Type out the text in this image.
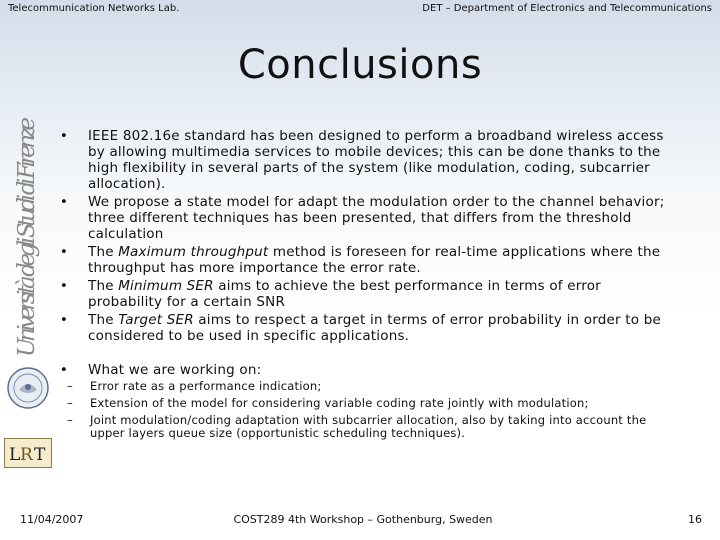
Telecommunication Networks Lab.	DET – Department of Electronics and Telecommunications
Conclusions
Università degli Studi di Firenze
L R T
• IEEE 802.16e standard has been designed to perform a broadband wireless access by allowing multimedia services to mobile devices; this can be done thanks to the high flexibility in several parts of the system (like modulation, coding, subcarrier allocation).
• We propose a state model for adapt the modulation order to the channel behavior; three different techniques has been presented, that differs from the threshold calculation
• The Maximum throughput method is foreseen for real-time applications where the throughput has more importance the error rate.
• The Minimum SER aims to achieve the best performance in terms of error probability for a certain SNR
• The Target SER aims to respect a target in terms of error probability in order to be considered to be used in specific applications.
• What we are working on:
– Error rate as a performance indication;
– Extension of the model for considering variable coding rate jointly with modulation;
– Joint modulation/coding adaptation with subcarrier allocation, also by taking into account the upper layers queue size (opportunistic scheduling techniques).
11/04/2007	COST289 4th Workshop – Gothenburg, Sweden	16
